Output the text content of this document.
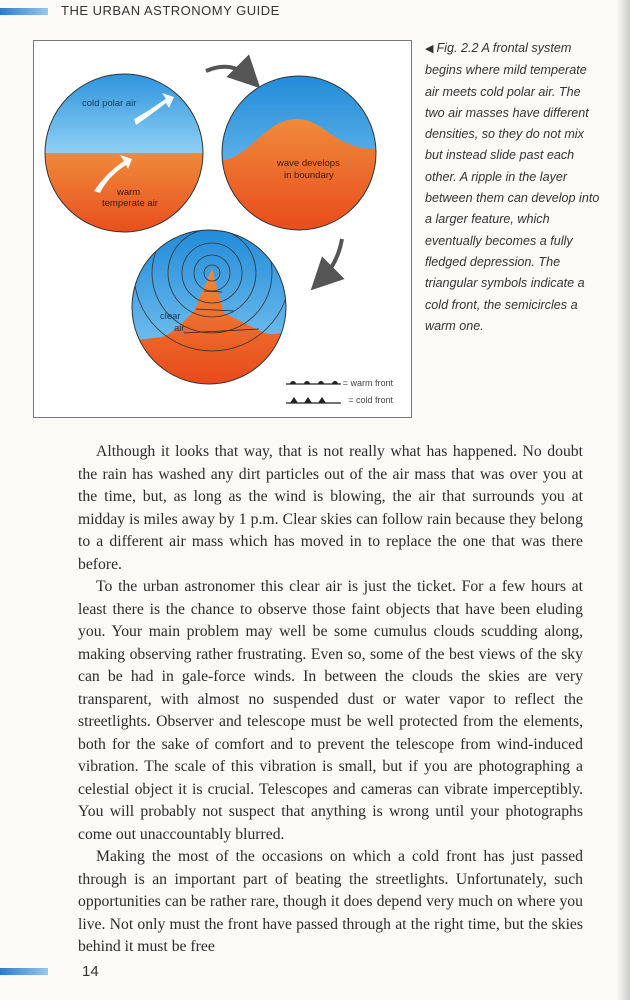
THE URBAN ASTRONOMY GUIDE
cold polar air
warm
temperate air
wave develops
in boundary
clear
air
= warm front
= cold front
◀ Fig. 2.2 A frontal system begins where mild temperate air meets cold polar air. The two air masses have different densities, so they do not mix but instead slide past each other. A ripple in the layer between them can develop into a larger feature, which eventually becomes a fully fledged depression. The triangular symbols indicate a cold front, the semicircles a warm one.

Although it looks that way, that is not really what has happened. No doubt the rain has washed any dirt particles out of the air mass that was over you at the time, but, as long as the wind is blowing, the air that surrounds you at midday is miles away by 1 p.m. Clear skies can follow rain because they belong to a different air mass which has moved in to replace the one that was there before.

To the urban astronomer this clear air is just the ticket. For a few hours at least there is the chance to observe those faint objects that have been eluding you. Your main problem may well be some cumulus clouds scudding along, making observing rather frustrating. Even so, some of the best views of the sky can be had in gale-force winds. In between the clouds the skies are very transparent, with almost no suspended dust or water vapor to reflect the streetlights. Observer and telescope must be well protected from the elements, both for the sake of comfort and to prevent the telescope from wind-induced vibration. The scale of this vibration is small, but if you are photographing a celestial object it is crucial. Telescopes and cameras can vibrate imperceptibly. You will probably not suspect that anything is wrong until your photographs come out unaccountably blurred.

Making the most of the occasions on which a cold front has just passed through is an important part of beating the streetlights. Unfortunately, such opportunities can be rather rare, though it does depend very much on where you live. Not only must the front have passed through at the right time, but the skies behind it must be free

14
